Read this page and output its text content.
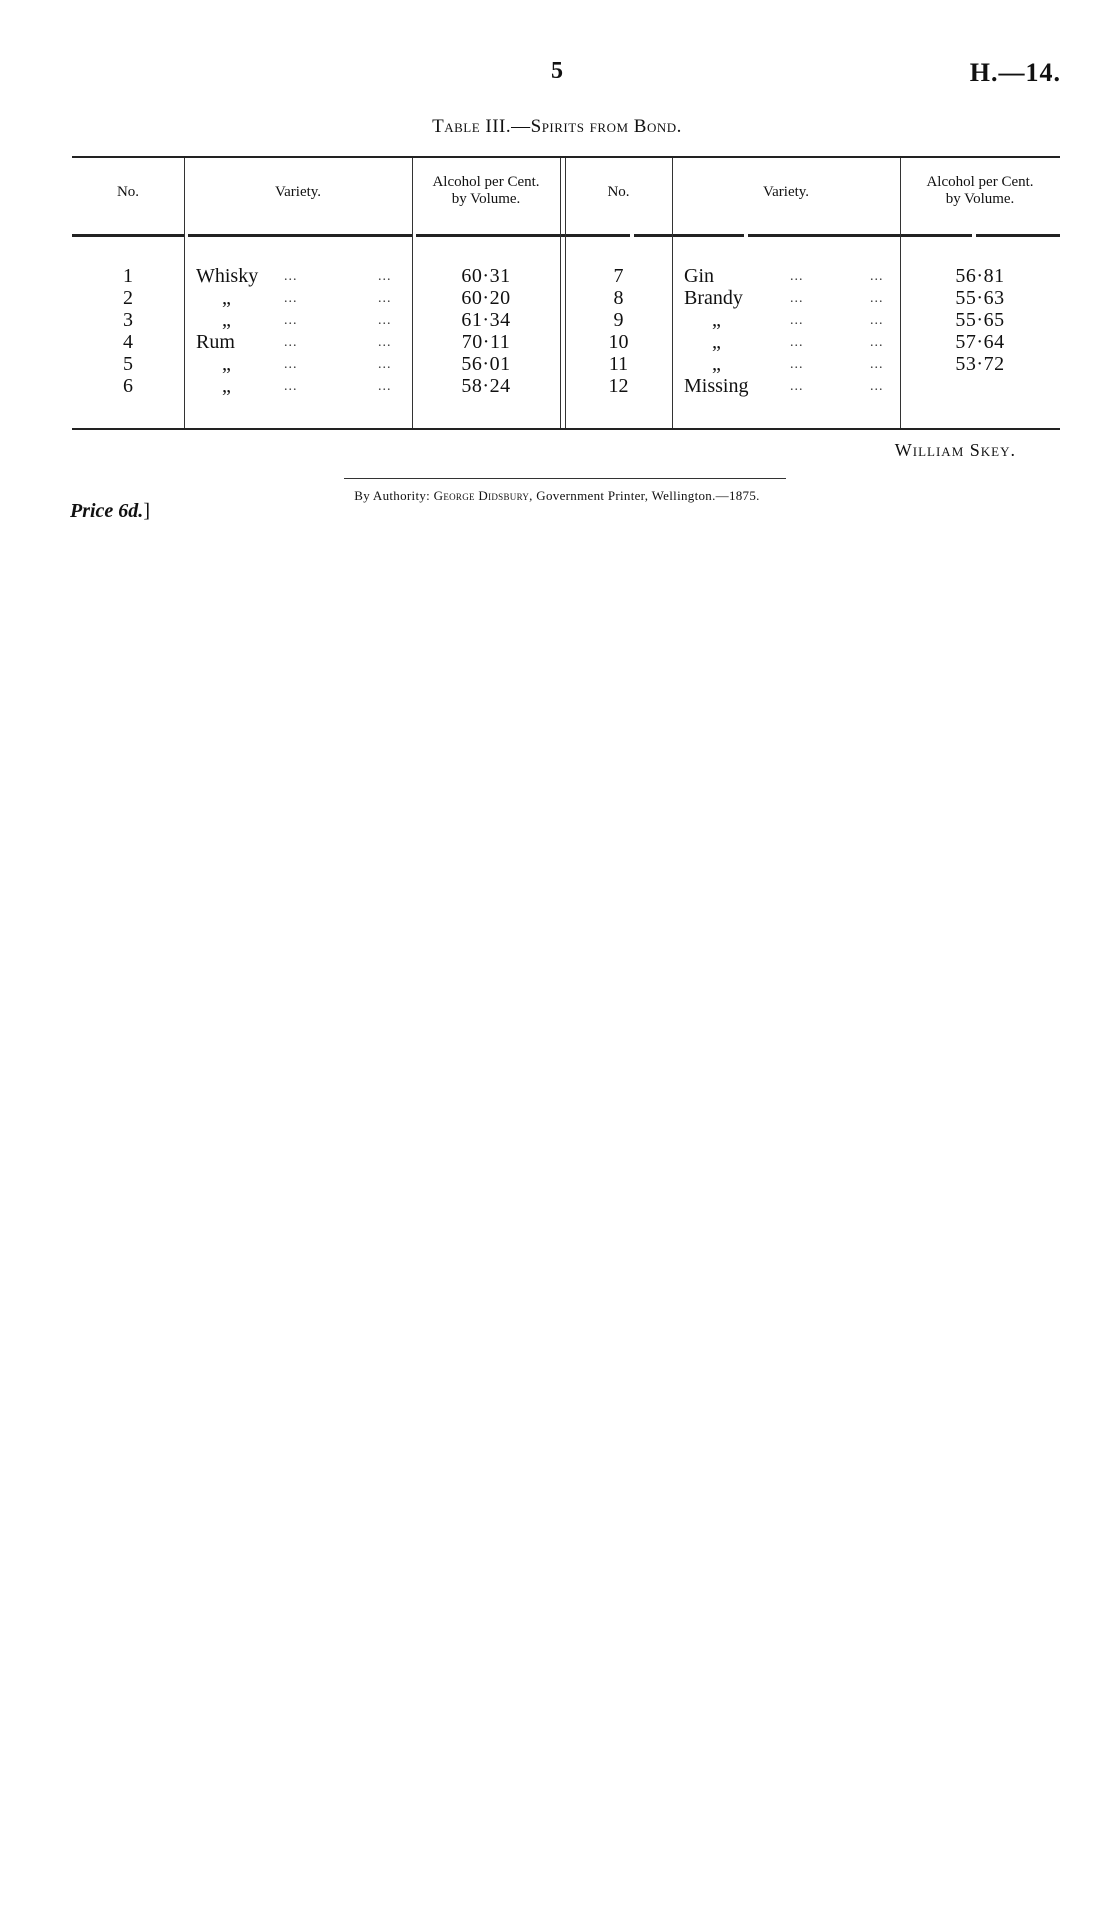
5	H.—14.
Table III.—Spirits from Bond.
No.	Variety.
Alcohol per Cent.
by Volume.	No.	Variety.
Alcohol per Cent.
by Volume.
1	Whisky ...	...	60·31
2	„	...	...	60·20
3	„	...	...	61·34
4	Rum	...	...	70·11
5	„	...	...	56·01
6	„	...	...	58·24
7	Gin	...	...	56·81
8	Brandy	...	...	55·63
9	„	...	...	55·65
10	„	...	...	57·64
11	„	...	...	53·72
12	Missing	...	...
William Skey.
By Authority: George Didsbury, Government Printer, Wellington.—1875.
Price 6d.]
